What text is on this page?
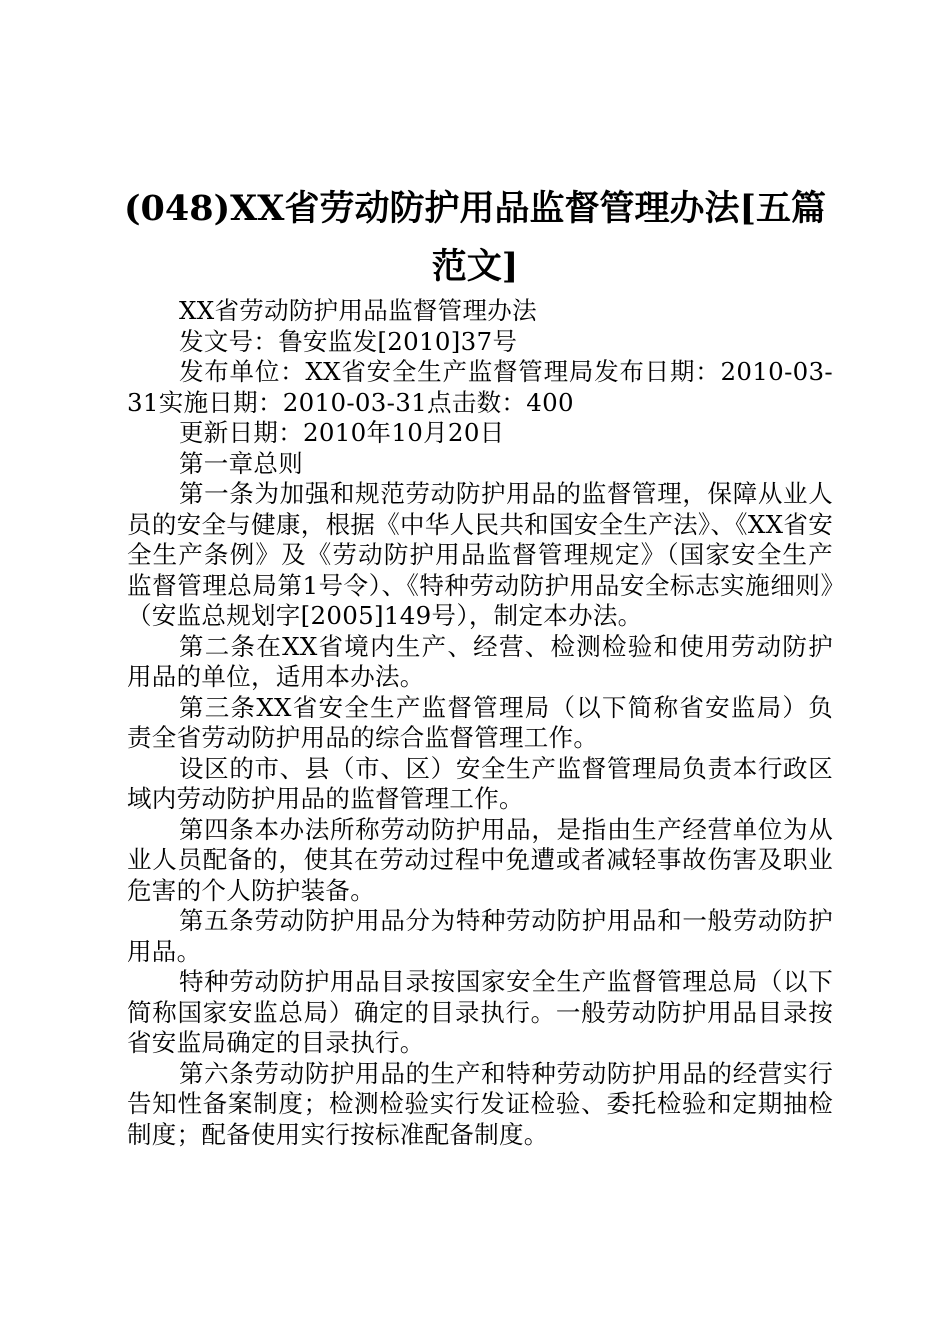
(048)XX省劳动防护用品监督管理办法[五篇范文]

XX省劳动防护用品监督管理办法

发文号：鲁安监发[2010]37号

发布单位：XX省安全生产监督管理局发布日期：2010-03-31实施日期：2010-03-31点击数：400

更新日期：2010年10月20日

第一章总则

第一条为加强和规范劳动防护用品的监督管理，保障从业人员的安全与健康，根据《中华人民共和国安全生产法》、《XX省安全生产条例》及《劳动防护用品监督管理规定》（国家安全生产监督管理总局第1号令）、《特种劳动防护用品安全标志实施细则》（安监总规划字[2005]149号），制定本办法。

第二条在XX省境内生产、经营、检测检验和使用劳动防护用品的单位，适用本办法。

第三条XX省安全生产监督管理局（以下简称省安监局）负责全省劳动防护用品的综合监督管理工作。

设区的市、县（市、区）安全生产监督管理局负责本行政区域内劳动防护用品的监督管理工作。

第四条本办法所称劳动防护用品，是指由生产经营单位为从业人员配备的，使其在劳动过程中免遭或者减轻事故伤害及职业危害的个人防护装备。

第五条劳动防护用品分为特种劳动防护用品和一般劳动防护用品。

特种劳动防护用品目录按国家安全生产监督管理总局（以下简称国家安监总局）确定的目录执行。一般劳动防护用品目录按省安监局确定的目录执行。

第六条劳动防护用品的生产和特种劳动防护用品的经营实行告知性备案制度；检测检验实行发证检验、委托检验和定期抽检制度；配备使用实行按标准配备制度。
